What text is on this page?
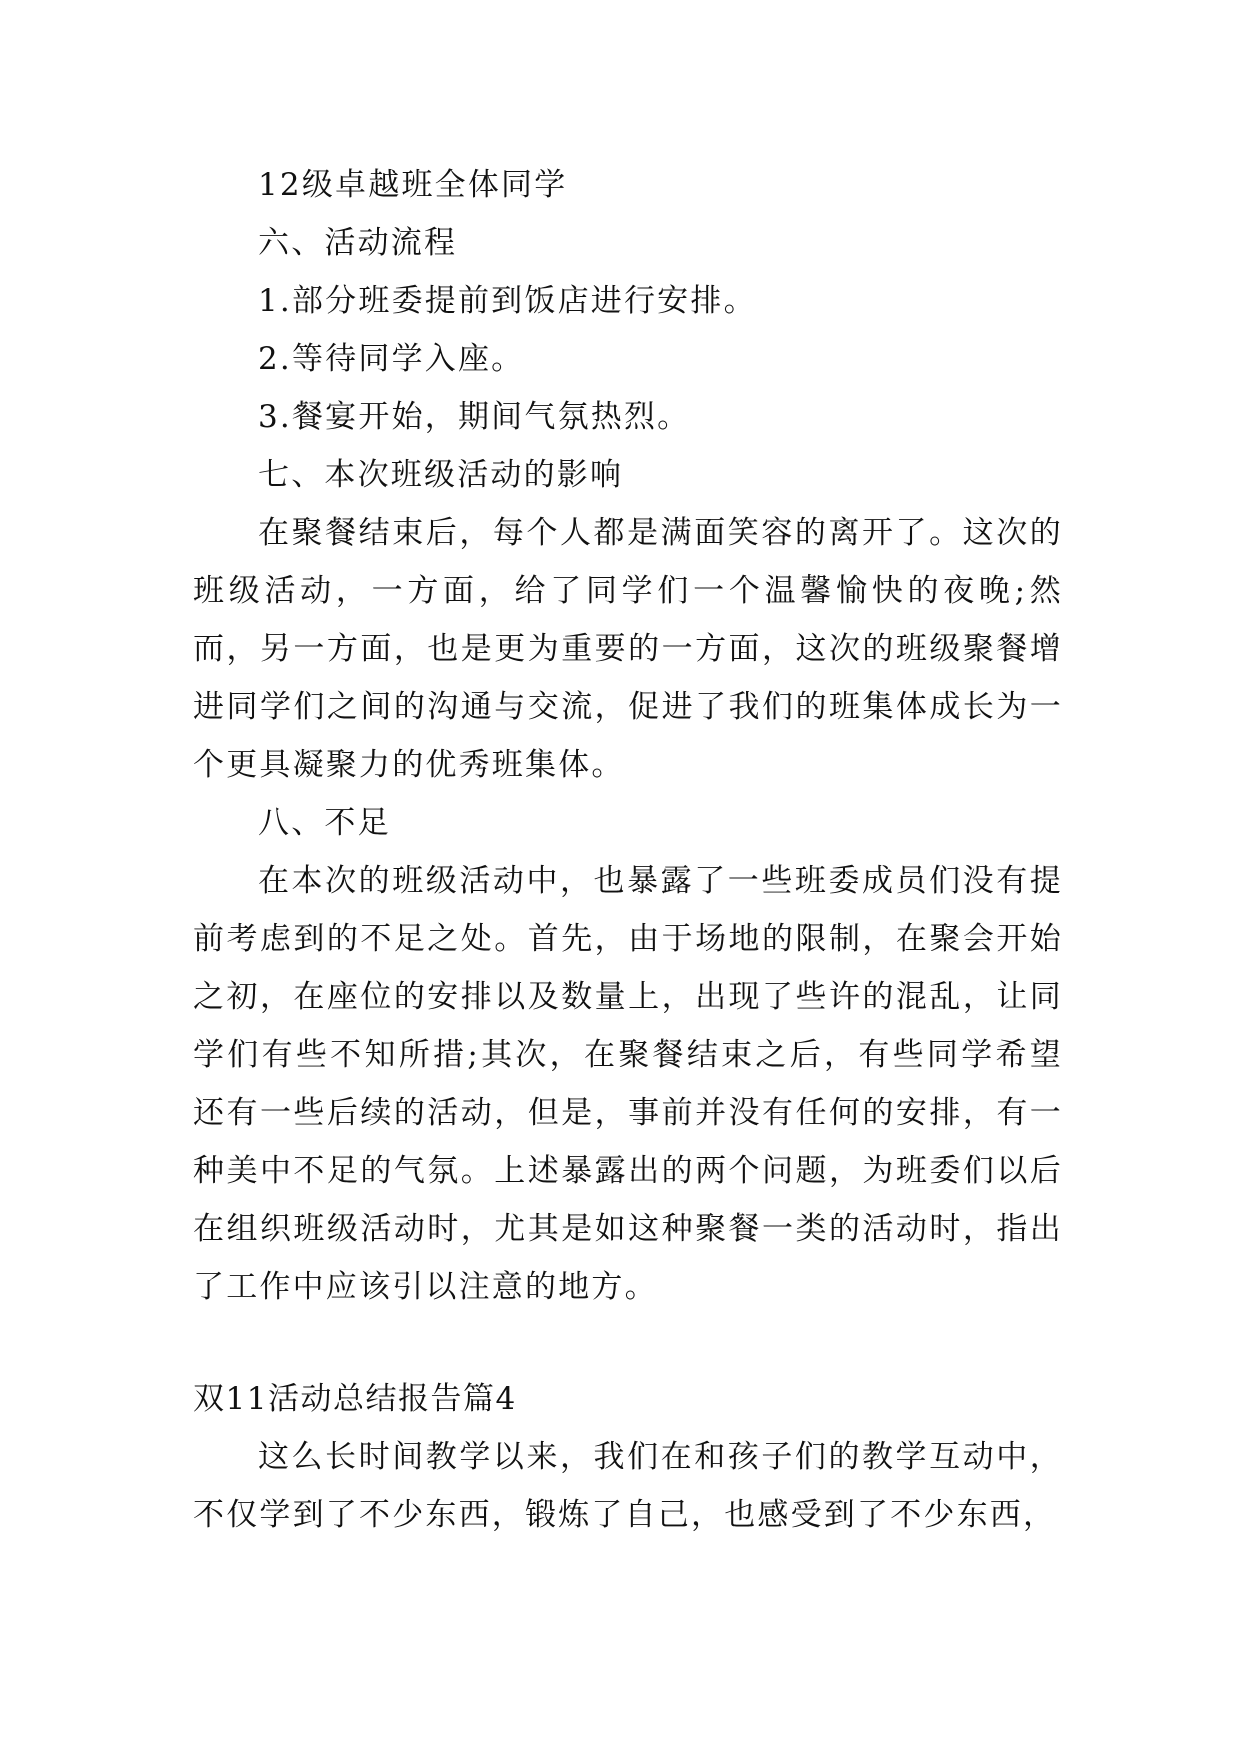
12级卓越班全体同学

六、活动流程

1.部分班委提前到饭店进行安排。

2.等待同学入座。

3.餐宴开始，期间气氛热烈。

七、本次班级活动的影响

在聚餐结束后，每个人都是满面笑容的离开了。这次的班级活动，一方面，给了同学们一个温馨愉快的夜晚;然而，另一方面，也是更为重要的一方面，这次的班级聚餐增进同学们之间的沟通与交流，促进了我们的班集体成长为一个更具凝聚力的优秀班集体。

八、不足

在本次的班级活动中，也暴露了一些班委成员们没有提前考虑到的不足之处。首先，由于场地的限制，在聚会开始之初，在座位的安排以及数量上，出现了些许的混乱，让同学们有些不知所措;其次，在聚餐结束之后，有些同学希望还有一些后续的活动，但是，事前并没有任何的安排，有一种美中不足的气氛。上述暴露出的两个问题，为班委们以后在组织班级活动时，尤其是如这种聚餐一类的活动时，指出了工作中应该引以注意的地方。

双11活动总结报告篇4

这么长时间教学以来，我们在和孩子们的教学互动中，不仅学到了不少东西，锻炼了自己，也感受到了不少东西，
